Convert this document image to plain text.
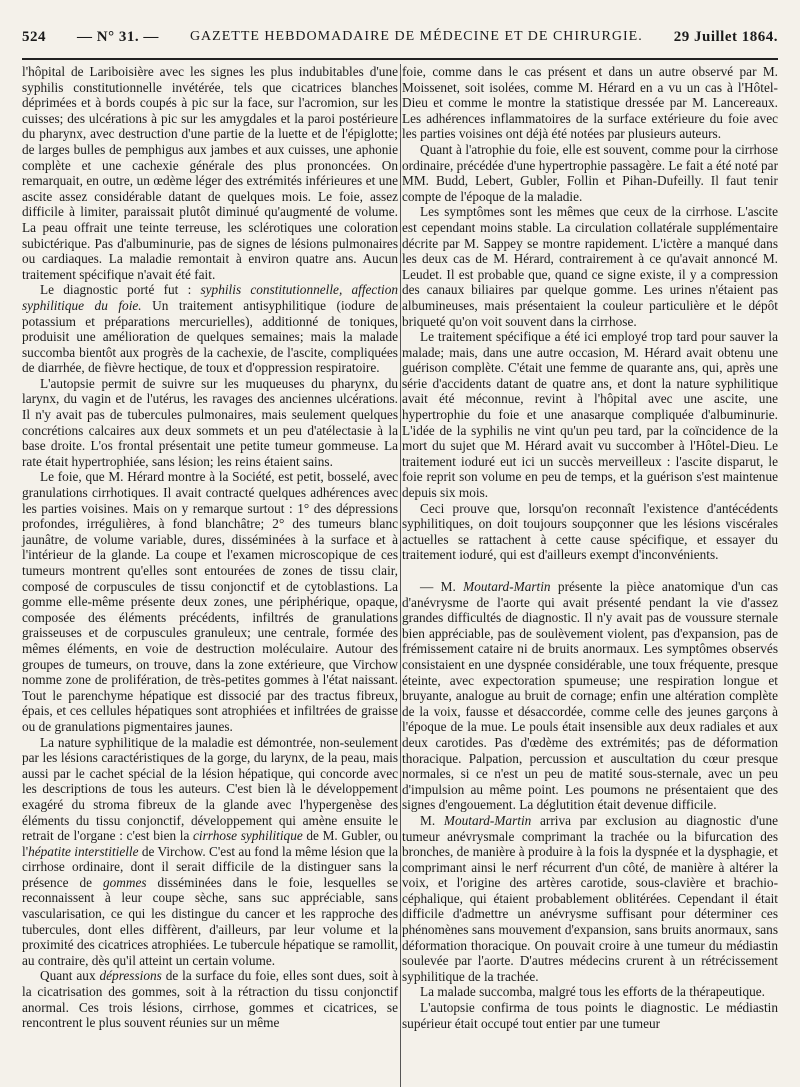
524 — N° 31. — GAZETTE HEBDOMADAIRE DE MÉDECINE ET DE CHIRURGIE. 29 Juillet 1864.

l'hôpital de Lariboisière avec les signes les plus indubitables d'une syphilis constitutionnelle invétérée, tels que cicatrices blanches déprimées et à bords coupés à pic sur la face, sur l'acromion, sur les cuisses; des ulcérations à pic sur les amygdales et la paroi postérieure du pharynx, avec destruction d'une partie de la luette et de l'épiglotte; de larges bulles de pemphigus aux jambes et aux cuisses, une aphonie complète et une cachexie générale des plus prononcées. On remarquait, en outre, un œdème léger des extrémités inférieures et une ascite assez considérable datant de quelques mois. Le foie, assez difficile à limiter, paraissait plutôt diminué qu'augmenté de volume. La peau offrait une teinte terreuse, les sclérotiques une coloration subictérique. Pas d'albuminurie, pas de signes de lésions pulmonaires ou cardiaques. La maladie remontait à environ quatre ans. Aucun traitement spécifique n'avait été fait.

Le diagnostic porté fut : syphilis constitutionnelle, affection syphilitique du foie. Un traitement antisyphilitique (iodure de potassium et préparations mercurielles), additionné de toniques, produisit une amélioration de quelques semaines; mais la malade succomba bientôt aux progrès de la cachexie, de l'ascite, compliquées de diarrhée, de fièvre hectique, de toux et d'oppression respiratoire.

L'autopsie permit de suivre sur les muqueuses du pharynx, du larynx, du vagin et de l'utérus, les ravages des anciennes ulcérations. Il n'y avait pas de tubercules pulmonaires, mais seulement quelques concrétions calcaires aux deux sommets et un peu d'atélectasie à la base droite. L'os frontal présentait une petite tumeur gommeuse. La rate était hypertrophiée, sans lésion; les reins étaient sains.

Le foie, que M. Hérard montre à la Société, est petit, bosselé, avec granulations cirrhotiques. Il avait contracté quelques adhérences avec les parties voisines. Mais on y remarque surtout : 1° des dépressions profondes, irrégulières, à fond blanchâtre; 2° des tumeurs blanc jaunâtre, de volume variable, dures, disséminées à la surface et à l'intérieur de la glande. La coupe et l'examen microscopique de ces tumeurs montrent qu'elles sont entourées de zones de tissu clair, composé de corpuscules de tissu conjonctif et de cytoblastions. La gomme elle-même présente deux zones, une périphérique, opaque, composée des éléments précédents, infiltrés de granulations graisseuses et de corpuscules granuleux; une centrale, formée des mêmes éléments, en voie de destruction moléculaire. Autour des groupes de tumeurs, on trouve, dans la zone extérieure, que Virchow nomme zone de prolifération, de très-petites gommes à l'état naissant. Tout le parenchyme hépatique est dissocié par des tractus fibreux, épais, et ces cellules hépatiques sont atrophiées et infiltrées de graisse ou de granulations pigmentaires jaunes.

La nature syphilitique de la maladie est démontrée, non-seulement par les lésions caractéristiques de la gorge, du larynx, de la peau, mais aussi par le cachet spécial de la lésion hépatique, qui concorde avec les descriptions de tous les auteurs. C'est bien là le développement exagéré du stroma fibreux de la glande avec l'hypergenèse des éléments du tissu conjonctif, développement qui amène ensuite le retrait de l'organe : c'est bien la cirrhose syphilitique de M. Gubler, ou l'hépatite interstitielle de Virchow. C'est au fond la même lésion que la cirrhose ordinaire, dont il serait difficile de la distinguer sans la présence de gommes disséminées dans le foie, lesquelles se reconnaissent à leur coupe sèche, sans suc appréciable, sans vascularisation, ce qui les distingue du cancer et les rapproche des tubercules, dont elles diffèrent, d'ailleurs, par leur volume et la proximité des cicatrices atrophiées. Le tubercule hépatique se ramollit, au contraire, dès qu'il atteint un certain volume.

Quant aux dépressions de la surface du foie, elles sont dues, soit à la cicatrisation des gommes, soit à la rétraction du tissu conjonctif anormal. Ces trois lésions, cirrhose, gommes et cicatrices, se rencontrent le plus souvent réunies sur un même

foie, comme dans le cas présent et dans un autre observé par M. Moissenet, soit isolées, comme M. Hérard en a vu un cas à l'Hôtel-Dieu et comme le montre la statistique dressée par M. Lancereaux. Les adhérences inflammatoires de la surface extérieure du foie avec les parties voisines ont déjà été notées par plusieurs auteurs.

Quant à l'atrophie du foie, elle est souvent, comme pour la cirrhose ordinaire, précédée d'une hypertrophie passagère. Le fait a été noté par MM. Budd, Lebert, Gubler, Follin et Pihan-Dufeilly. Il faut tenir compte de l'époque de la maladie.

Les symptômes sont les mêmes que ceux de la cirrhose. L'ascite est cependant moins stable. La circulation collatérale supplémentaire décrite par M. Sappey se montre rapidement. L'ictère a manqué dans les deux cas de M. Hérard, contrairement à ce qu'avait annoncé M. Leudet. Il est probable que, quand ce signe existe, il y a compression des canaux biliaires par quelque gomme. Les urines n'étaient pas albumineuses, mais présentaient la couleur particulière et le dépôt briqueté qu'on voit souvent dans la cirrhose.

Le traitement spécifique a été ici employé trop tard pour sauver la malade; mais, dans une autre occasion, M. Hérard avait obtenu une guérison complète. C'était une femme de quarante ans, qui, après une série d'accidents datant de quatre ans, et dont la nature syphilitique avait été méconnue, revint à l'hôpital avec une ascite, une hypertrophie du foie et une anasarque compliquée d'albuminurie. L'idée de la syphilis ne vint qu'un peu tard, par la coïncidence de la mort du sujet que M. Hérard avait vu succomber à l'Hôtel-Dieu. Le traitement ioduré eut ici un succès merveilleux : l'ascite disparut, le foie reprit son volume en peu de temps, et la guérison s'est maintenue depuis six mois.

Ceci prouve que, lorsqu'on reconnaît l'existence d'antécédents syphilitiques, on doit toujours soupçonner que les lésions viscérales actuelles se rattachent à cette cause spécifique, et essayer du traitement ioduré, qui est d'ailleurs exempt d'inconvénients.

— M. Moutard-Martin présente la pièce anatomique d'un cas d'anévrysme de l'aorte qui avait présenté pendant la vie d'assez grandes difficultés de diagnostic. Il n'y avait pas de voussure sternale bien appréciable, pas de soulèvement violent, pas d'expansion, pas de frémissement cataire ni de bruits anormaux. Les symptômes observés consistaient en une dyspnée considérable, une toux fréquente, presque éteinte, avec expectoration spumeuse; une respiration longue et bruyante, analogue au bruit de cornage; enfin une altération complète de la voix, fausse et désaccordée, comme celle des jeunes garçons à l'époque de la mue. Le pouls était insensible aux deux radiales et aux deux carotides. Pas d'œdème des extrémités; pas de déformation thoracique. Palpation, percussion et auscultation du cœur presque normales, si ce n'est un peu de matité sous-sternale, avec un peu d'impulsion au même point. Les poumons ne présentaient que des signes d'engouement. La déglutition était devenue difficile.

M. Moutard-Martin arriva par exclusion au diagnostic d'une tumeur anévrysmale comprimant la trachée ou la bifurcation des bronches, de manière à produire à la fois la dyspnée et la dysphagie, et comprimant ainsi le nerf récurrent d'un côté, de manière à altérer la voix, et l'origine des artères carotide, sous-clavière et brachio-céphalique, qui étaient probablement oblitérées. Cependant il était difficile d'admettre un anévrysme suffisant pour déterminer ces phénomènes sans mouvement d'expansion, sans bruits anormaux, sans déformation thoracique. On pouvait croire à une tumeur du médiastin soulevée par l'aorte. D'autres médecins crurent à un rétrécissement syphilitique de la trachée.

La malade succomba, malgré tous les efforts de la thérapeutique.

L'autopsie confirma de tous points le diagnostic. Le médiastin supérieur était occupé tout entier par une tumeur
